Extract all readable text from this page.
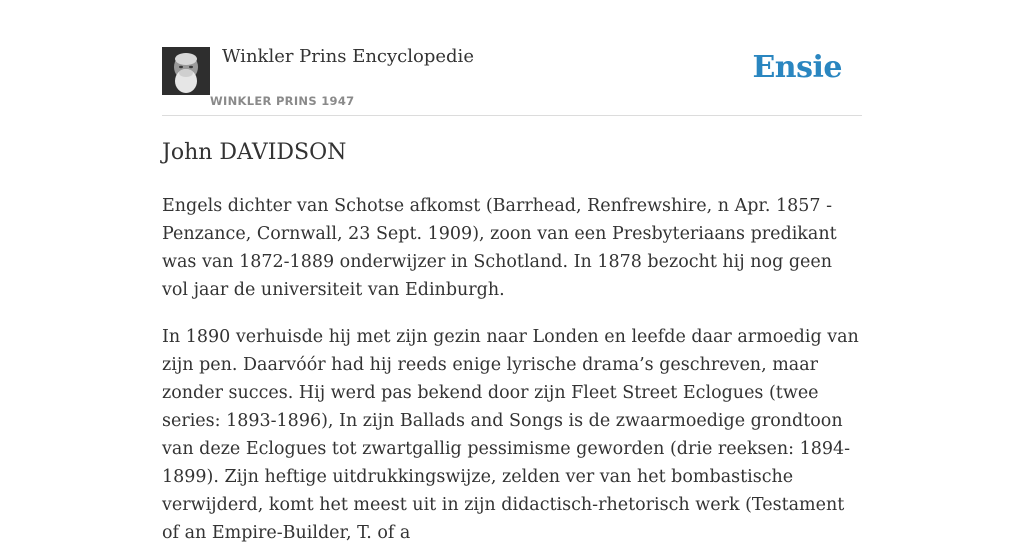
Winkler Prins Encyclopedie
WINKLER PRINS 1947
Ensie
John DAVIDSON

Engels dichter van Schotse afkomst (Barrhead, Renfrewshire, n Apr. 1857 - Penzance, Cornwall, 23 Sept. 1909), zoon van een Presbyteriaans predikant was van 1872-1889 onderwijzer in Schotland. In 1878 bezocht hij nog geen vol jaar de universiteit van Edinburgh.

In 1890 verhuisde hij met zijn gezin naar Londen en leefde daar armoedig van zijn pen. Daarvóór had hij reeds enige lyrische drama’s geschreven, maar zonder succes. Hij werd pas bekend door zijn Fleet Street Eclogues (twee series: 1893-1896), In zijn Ballads and Songs is de zwaarmoedige grondtoon van deze Eclogues tot zwartgallig pessimisme geworden (drie reeksen: 1894-1899). Zijn heftige uitdrukkingswijze, zelden ver van het bombastische verwijderd, komt het meest uit in zijn didactisch-rhetorisch werk (Testament of an Empire-Builder, T. of a
